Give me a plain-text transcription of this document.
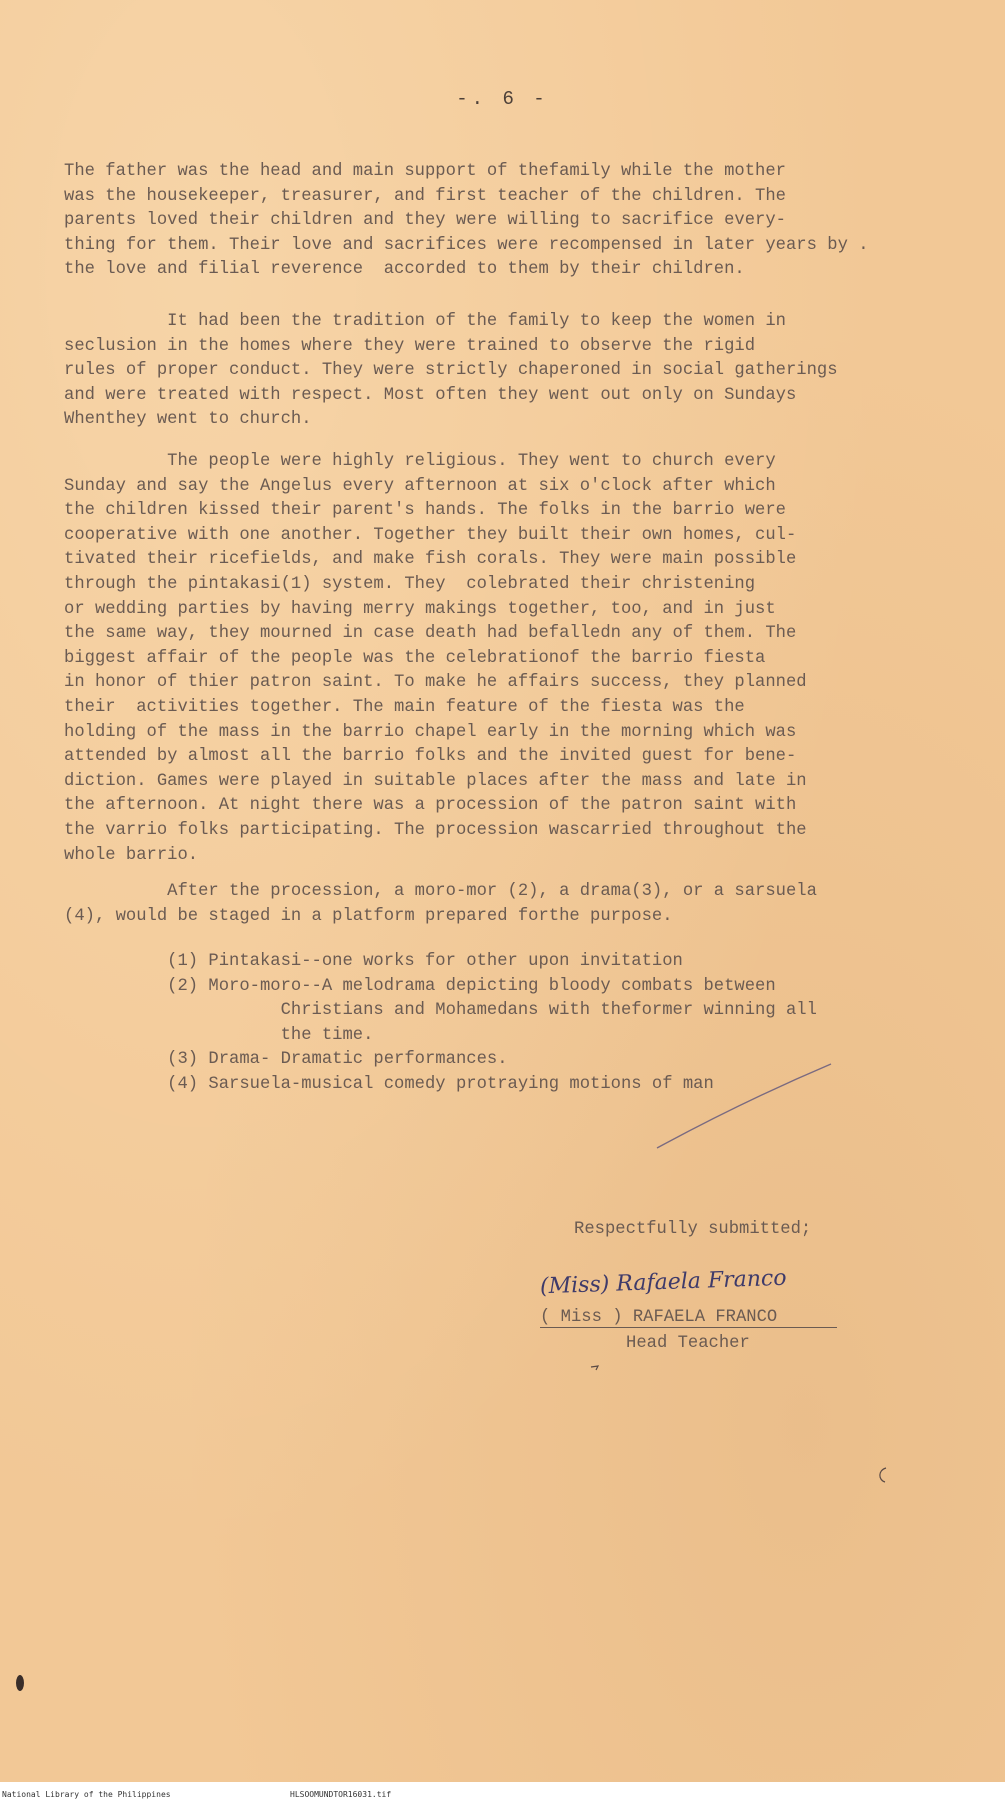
-. 6 -
The father was the head and main support of thefamily while the mother
was the housekeeper, treasurer, and first teacher of the children. The
parents loved their children and they were willing to sacrifice every-
thing for them. Their love and sacrifices were recompensed in later years by .
the love and filial reverence  accorded to them by their children.
It had been the tradition of the family to keep the women in
seclusion in the homes where they were trained to observe the rigid
rules of proper conduct. They were strictly chaperoned in social gatherings
and were treated with respect. Most often they went out only on Sundays
Whenthey went to church.
The people were highly religious. They went to church every
Sunday and say the Angelus every afternoon at six o'clock after which
the children kissed their parent's hands. The folks in the barrio were
cooperative with one another. Together they built their own homes, cul-
tivated their ricefields, and make fish corals. They were main possible
through the pintakasi(1) system. They  colebrated their christening
or wedding parties by having merry makings together, too, and in just
the same way, they mourned in case death had befalledn any of them. The
biggest affair of the people was the celebrationof the barrio fiesta
in honor of thier patron saint. To make he affairs success, they planned
their  activities together. The main feature of the fiesta was the
holding of the mass in the barrio chapel early in the morning which was
attended by almost all the barrio folks and the invited guest for bene-
diction. Games were played in suitable places after the mass and late in
the afternoon. At night there was a procession of the patron saint with
the varrio folks participating. The procession wascarried throughout the
whole barrio.
After the procession, a moro-mor (2), a drama(3), or a sarsuela
(4), would be staged in a platform prepared forthe purpose.
(1) Pintakasi--one works for other upon invitation
(2) Moro-moro--A melodrama depicting bloody combats between
Christians and Mohamedans with theformer winning all
the time.
(3) Drama- Dramatic performances.
(4) Sarsuela-musical comedy protraying motions of man
Respectfully submitted;
(Miss) Rafaela Franco
( Miss ) RAFAELA FRANCO
Head Teacher
National Library of the Philippines	HLSOOMUNDTOR16031.tif
